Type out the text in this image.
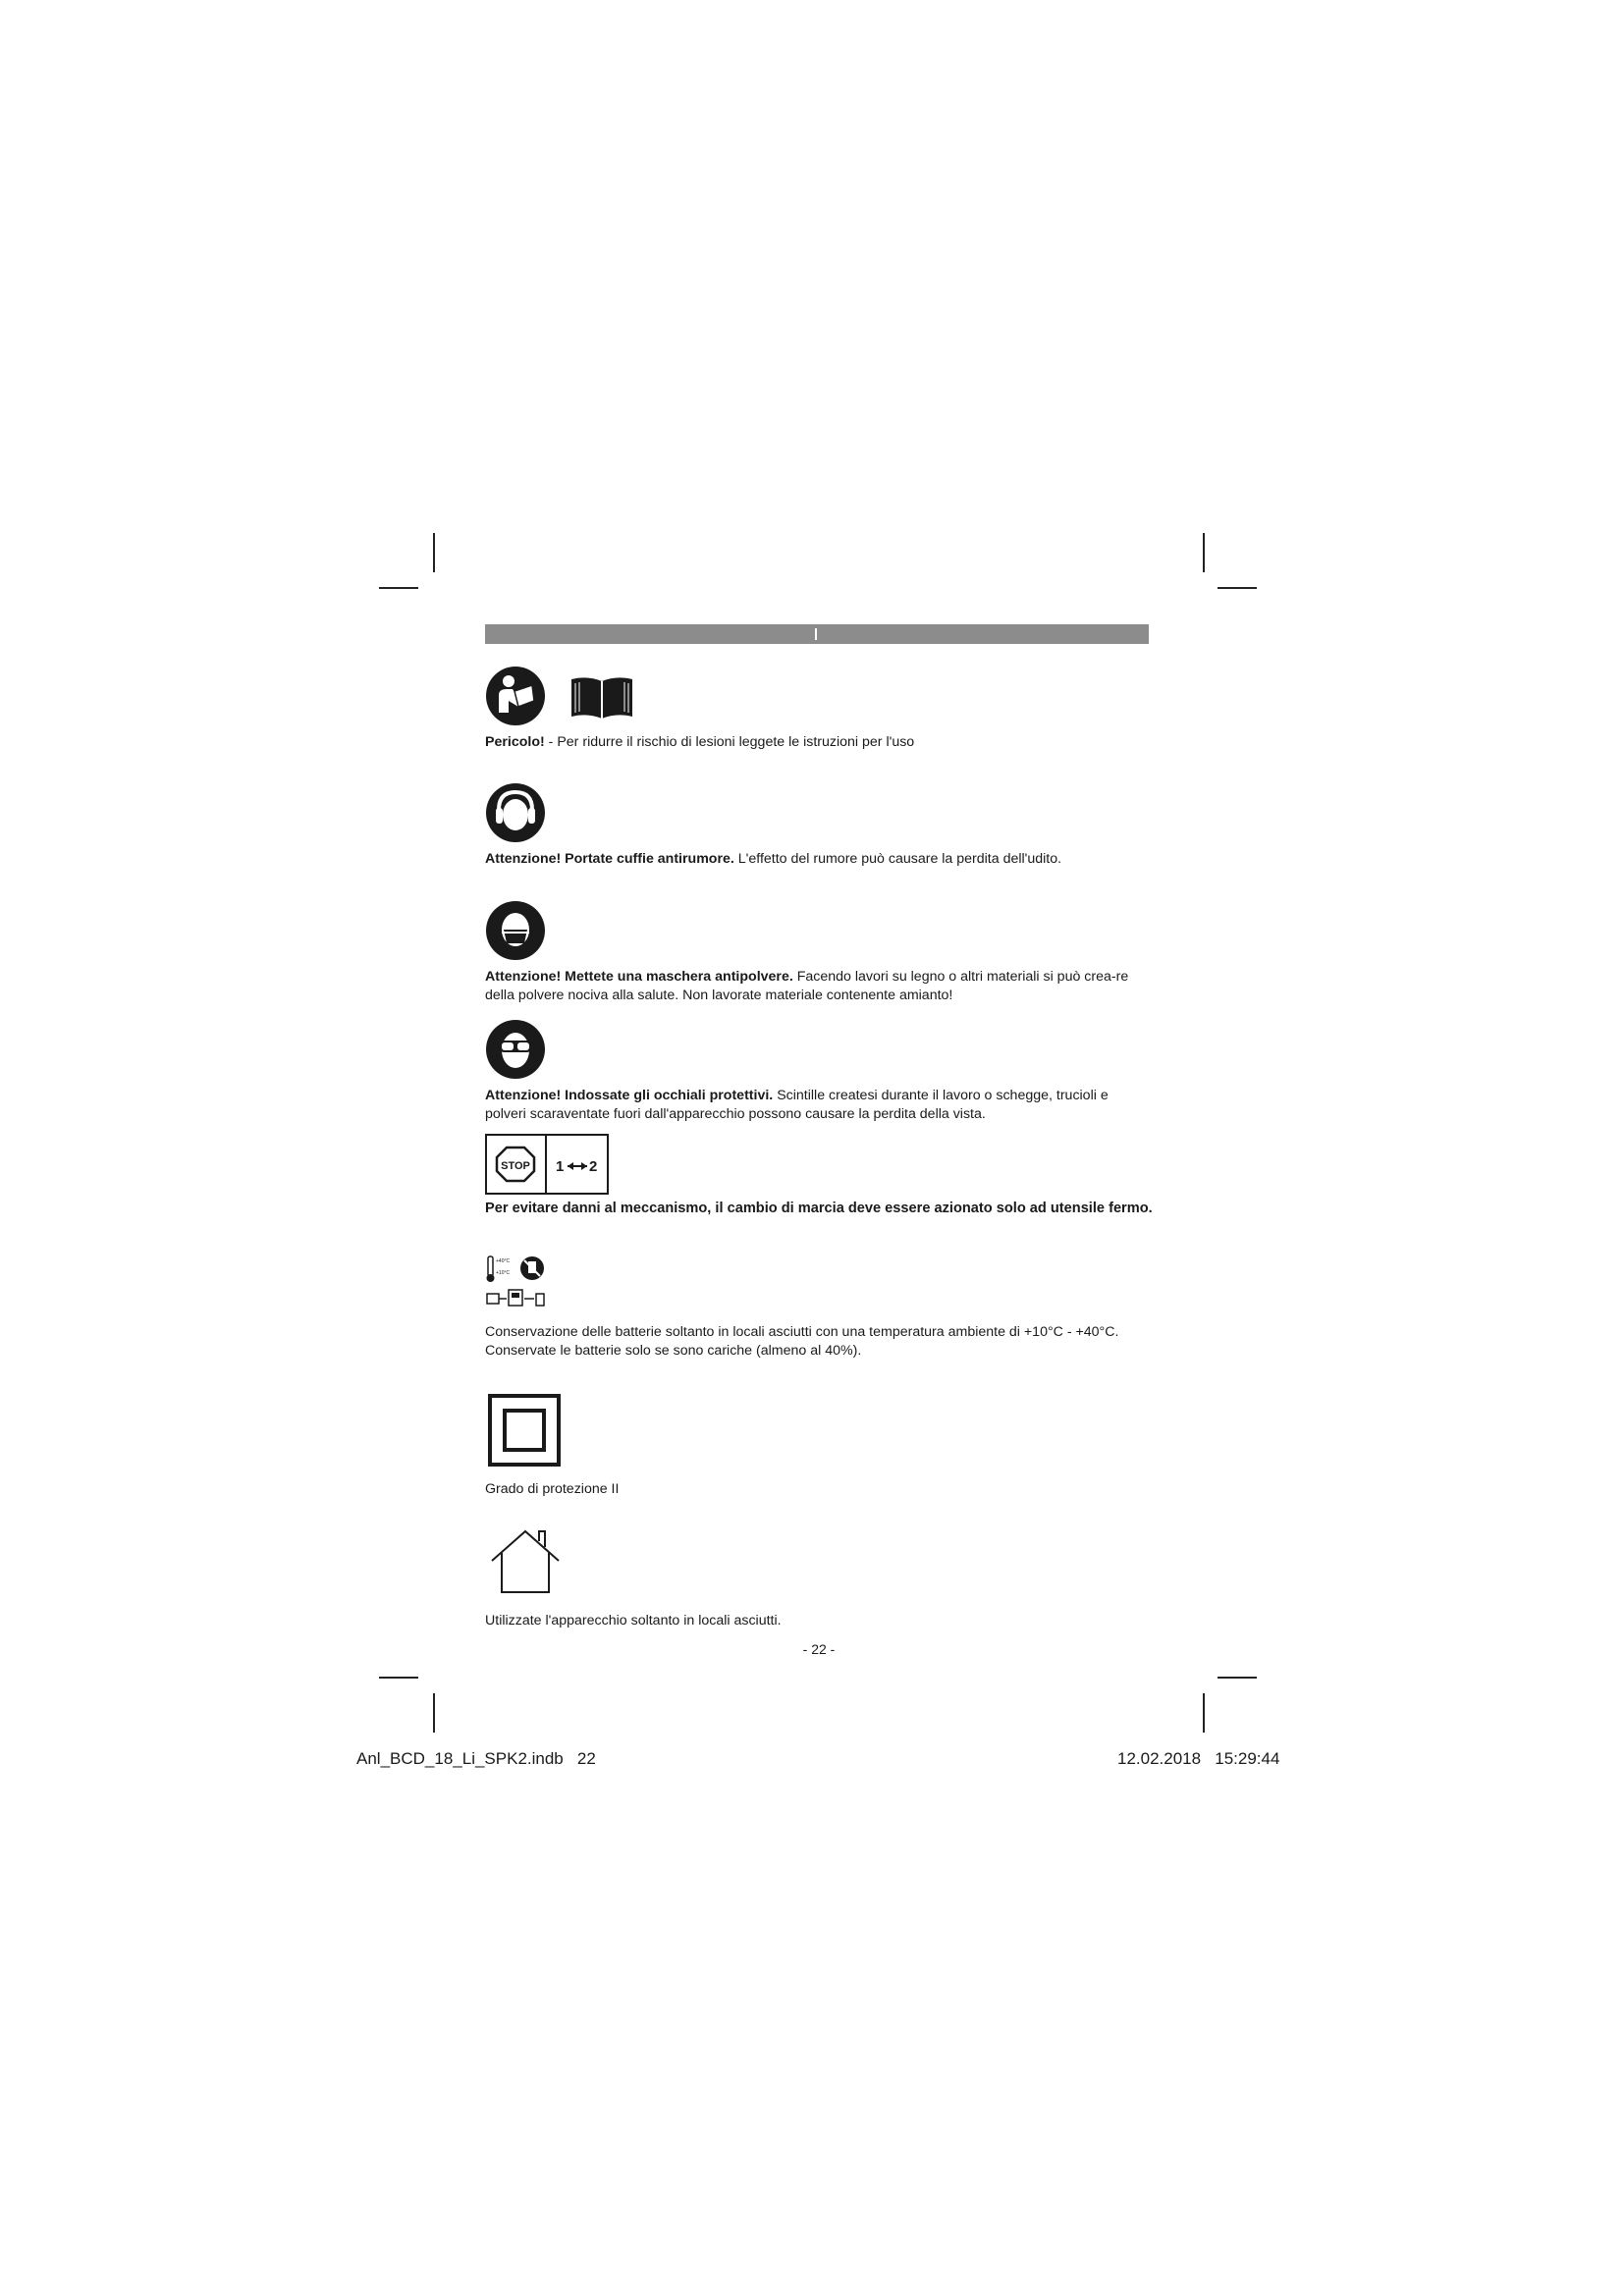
Pericolo! - Per ridurre il rischio di lesioni leggete le istruzioni per l'uso
Attenzione! Portate cuffie antirumore. L'effetto del rumore può causare la perdita dell'udito.
Attenzione! Mettete una maschera antipolvere. Facendo lavori su legno o altri materiali si può crea-re della polvere nociva alla salute. Non lavorate materiale contenente amianto!
Attenzione! Indossate gli occhiali protettivi. Scintille createsi durante il lavoro o schegge, trucioli e polveri scaraventate fuori dall'apparecchio possono causare la perdita della vista.
STOP 1 2
Per evitare danni al meccanismo, il cambio di marcia deve essere azionato solo ad utensile fermo.
+40°C
+10°C
Conservazione delle batterie soltanto in locali asciutti con una temperatura ambiente di +10°C - +40°C. Conservate le batterie solo se sono cariche (almeno al 40%).
Grado di protezione II
Utilizzate l'apparecchio soltanto in locali asciutti.
- 22 -
Anl_BCD_18_Li_SPK2.indb   22	12.02.2018   15:29:44
